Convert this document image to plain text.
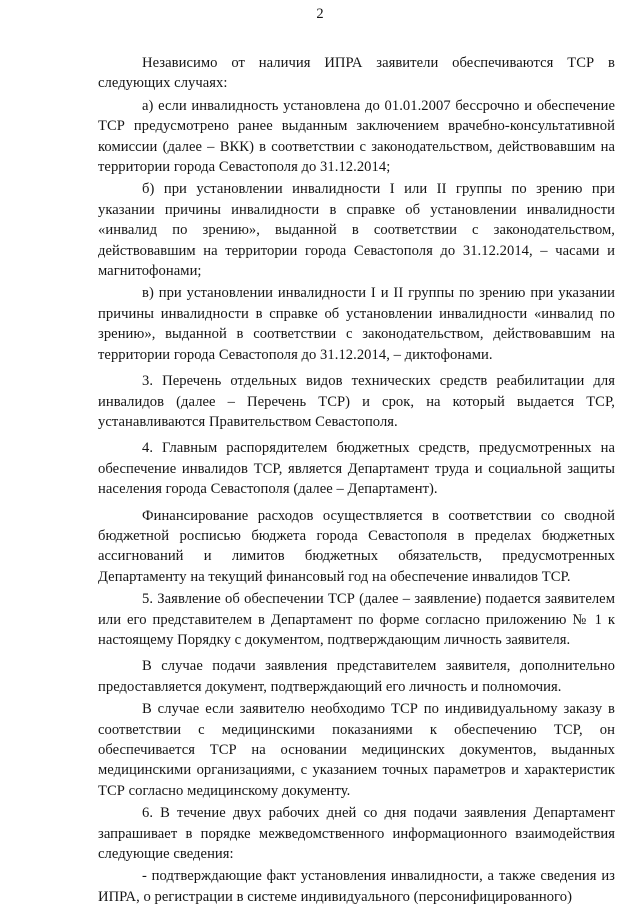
2

Независимо от наличия ИПРА заявители обеспечиваются ТСР в следующих случаях:

а) если инвалидность установлена до 01.01.2007 бессрочно и обеспечение ТСР предусмотрено ранее выданным заключением врачебно-консультативной комиссии (далее – ВКК) в соответствии с законодательством, действовавшим на территории города Севастополя до 31.12.2014;

б) при установлении инвалидности I или II группы по зрению при указании причины инвалидности в справке об установлении инвалидности «инвалид по зрению», выданной в соответствии с законодательством, действовавшим на территории города Севастополя до 31.12.2014, – часами и магнитофонами;

в) при установлении инвалидности I и II группы по зрению при указании причины инвалидности в справке об установлении инвалидности «инвалид по зрению», выданной в соответствии с законодательством, действовавшим на территории города Севастополя до 31.12.2014, – диктофонами.

3. Перечень отдельных видов технических средств реабилитации для инвалидов (далее – Перечень ТСР) и срок, на который выдается ТСР, устанавливаются Правительством Севастополя.

4. Главным распорядителем бюджетных средств, предусмотренных на обеспечение инвалидов ТСР, является Департамент труда и социальной защиты населения города Севастополя (далее – Департамент).

Финансирование расходов осуществляется в соответствии со сводной бюджетной росписью бюджета города Севастополя в пределах бюджетных ассигнований и лимитов бюджетных обязательств, предусмотренных Департаменту на текущий финансовый год на обеспечение инвалидов ТСР.

5. Заявление об обеспечении ТСР (далее – заявление) подается заявителем или его представителем в Департамент по форме согласно приложению № 1 к настоящему Порядку с документом, подтверждающим личность заявителя.

В случае подачи заявления представителем заявителя, дополнительно предоставляется документ, подтверждающий его личность и полномочия.

В случае если заявителю необходимо ТСР по индивидуальному заказу в соответствии с медицинскими показаниями к обеспечению ТСР, он обеспечивается ТСР на основании медицинских документов, выданных медицинскими организациями, с указанием точных параметров и характеристик ТСР согласно медицинскому документу.

6. В течение двух рабочих дней со дня подачи заявления Департамент запрашивает в порядке межведомственного информационного взаимодействия следующие сведения:

- подтверждающие факт установления инвалидности, а также сведения из ИПРА, о регистрации в системе индивидуального (персонифицированного)
